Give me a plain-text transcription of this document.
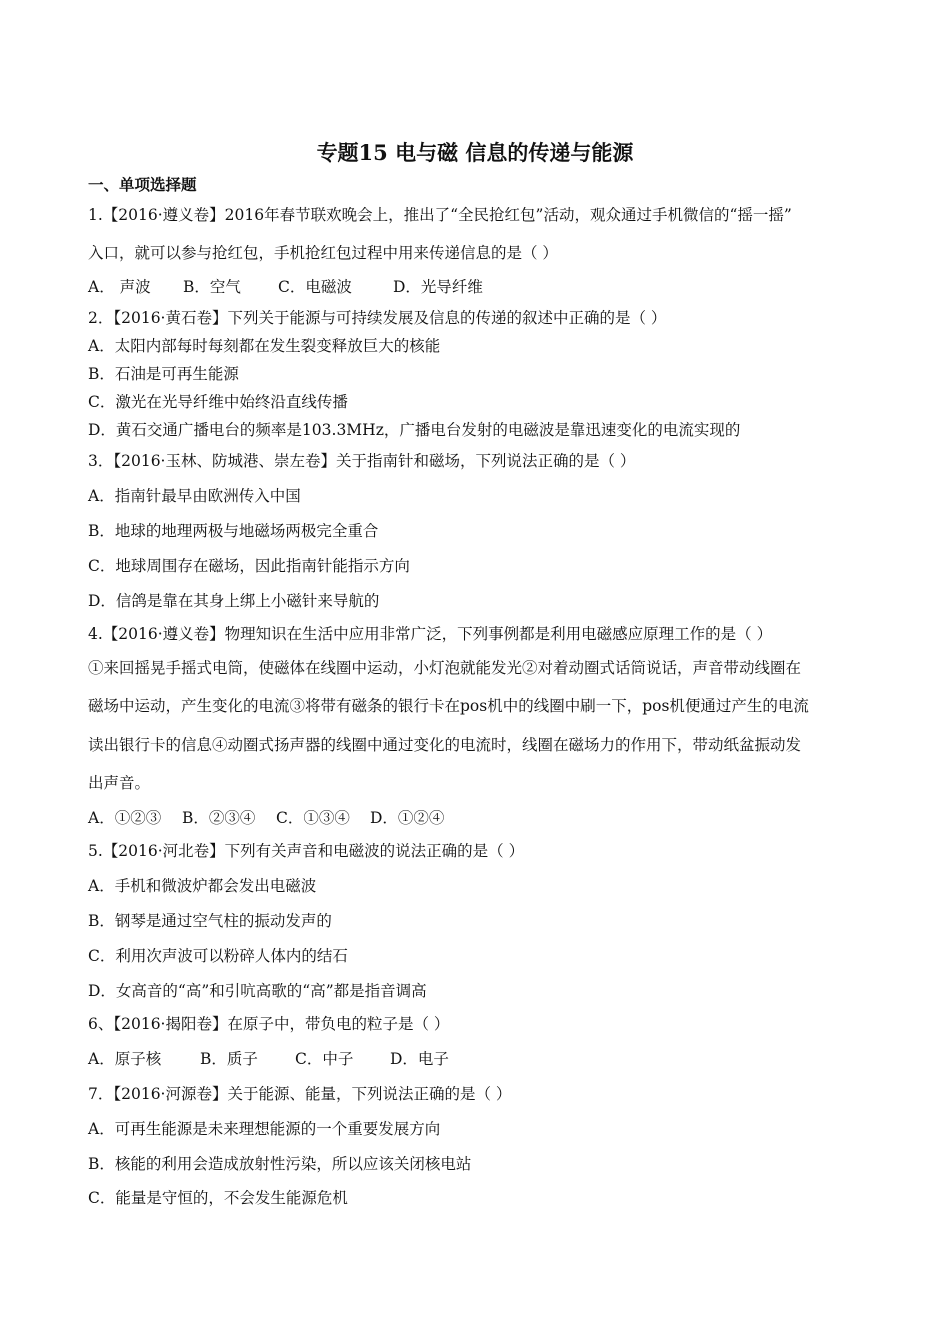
专题15 电与磁 信息的传递与能源
一、单项选择题
1.【2016·遵义卷】2016年春节联欢晚会上，推出了“全民抢红包”活动，观众通过手机微信的“摇一摇”
入口，就可以参与抢红包，手机抢红包过程中用来传递信息的是（ ）
A． 声波	B．空气	C．电磁波	D．光导纤维
2．【2016·黄石卷】下列关于能源与可持续发展及信息的传递的叙述中正确的是（ ）
A．太阳内部每时每刻都在发生裂变释放巨大的核能
B．石油是可再生能源
C．激光在光导纤维中始终沿直线传播
D．黄石交通广播电台的频率是103.3MHz，广播电台发射的电磁波是靠迅速变化的电流实现的
3．【2016·玉林、防城港、崇左卷】关于指南针和磁场，下列说法正确的是（ ）
A．指南针最早由欧洲传入中国
B．地球的地理两极与地磁场两极完全重合
C．地球周围存在磁场，因此指南针能指示方向
D．信鸽是靠在其身上绑上小磁针来导航的
4.【2016·遵义卷】物理知识在生活中应用非常广泛，下列事例都是利用电磁感应原理工作的是（ ）
①来回摇晃手摇式电筒，使磁体在线圈中运动，小灯泡就能发光②对着动圈式话筒说话，声音带动线圈在
磁场中运动，产生变化的电流③将带有磁条的银行卡在pos机中的线圈中刷一下，pos机便通过产生的电流
读出银行卡的信息④动圈式扬声器的线圈中通过变化的电流时，线圈在磁场力的作用下，带动纸盆振动发
出声音。
A．①②③	B．②③④	C．①③④	D．①②④
5.【2016·河北卷】下列有关声音和电磁波的说法正确的是（ ）
A．手机和微波炉都会发出电磁波
B．钢琴是通过空气柱的振动发声的
C．利用次声波可以粉碎人体内的结石
D．女高音的“高”和引吭高歌的“高”都是指音调高
6、【2016·揭阳卷】在原子中，带负电的粒子是（ ）
A．原子核	B．质子	C．中子	D．电子
7．【2016·河源卷】关于能源、能量，下列说法正确的是（ ）
A．可再生能源是未来理想能源的一个重要发展方向
B．核能的利用会造成放射性污染，所以应该关闭核电站
C．能量是守恒的，不会发生能源危机
